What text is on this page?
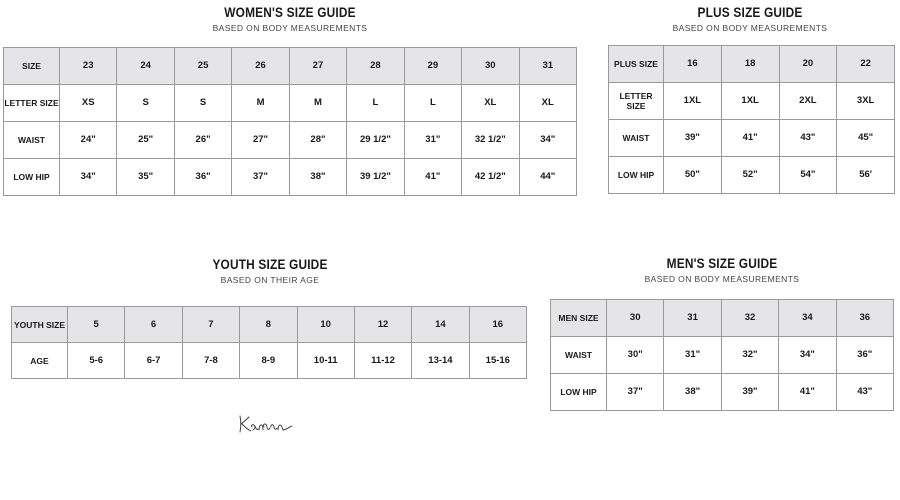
WOMEN'S SIZE GUIDE

BASED ON BODY MEASUREMENTS

SIZE	23	24	25	26	27	28	29	30	31
LETTER SIZE	XS	S	S	M	M	L	L	XL	XL
WAIST	24"	25"	26"	27"	28"	29 1/2"	31"	32 1/2"	34"
LOW HIP	34"	35"	36"	37"	38"	39 1/2"	41"	42 1/2"	44"

PLUS SIZE GUIDE

BASED ON BODY MEASUREMENTS

PLUS SIZE	16	18	20	22
LETTER SIZE	1XL	1XL	2XL	3XL
WAIST	39"	41"	43"	45"
LOW HIP	50"	52"	54"	56'

YOUTH SIZE GUIDE

BASED ON THEIR AGE

YOUTH SIZE	5	6	7	8	10	12	14	16
AGE	5-6	6-7	7-8	8-9	10-11	11-12	13-14	15-16

MEN'S SIZE GUIDE

BASED ON BODY MEASUREMENTS

MEN SIZE	30	31	32	34	36
WAIST	30"	31"	32"	34"	36"
LOW HIP	37"	38"	39"	41"	43"
